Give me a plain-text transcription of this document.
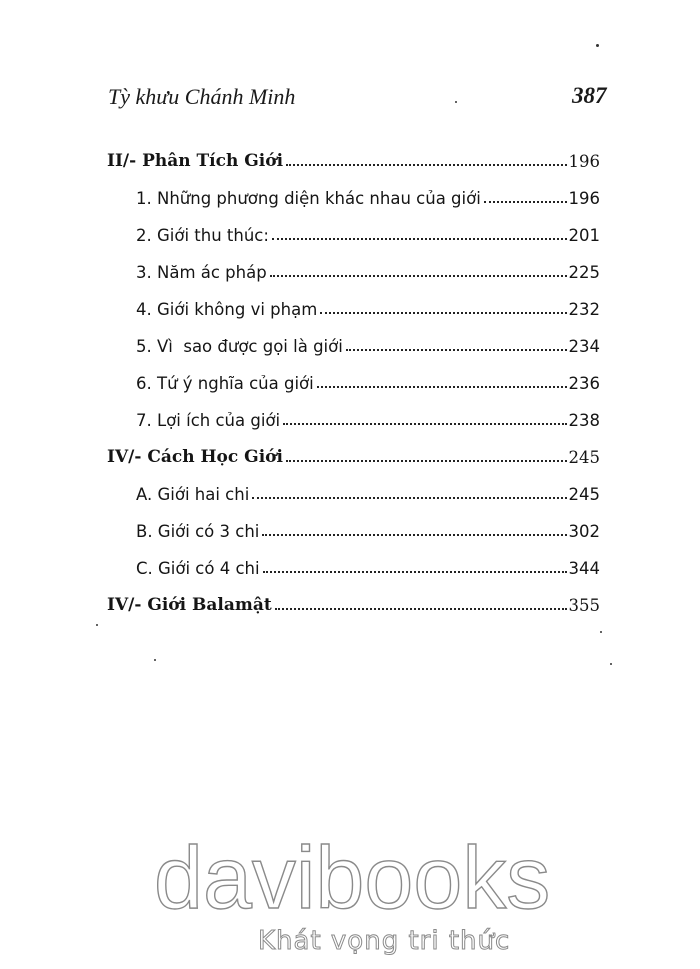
Tỳ khưu Chánh Minh	387
II/- Phân Tích Giới	196
1. Những phương diện khác nhau của giới	196
2. Giới thu thúc:	201
3. Năm ác pháp	225
4. Giới không vi phạm	232
5. Vì  sao được gọi là giới	234
6. Tứ ý nghĩa của giới	236
7. Lợi ích của giới	238
IV/- Cách Học Giới	245
A. Giới hai chi	245
B. Giới có 3 chi	302
C. Giới có 4 chi	344
IV/- Giới Balamật	355
davibooks
Khát vọng tri thức
